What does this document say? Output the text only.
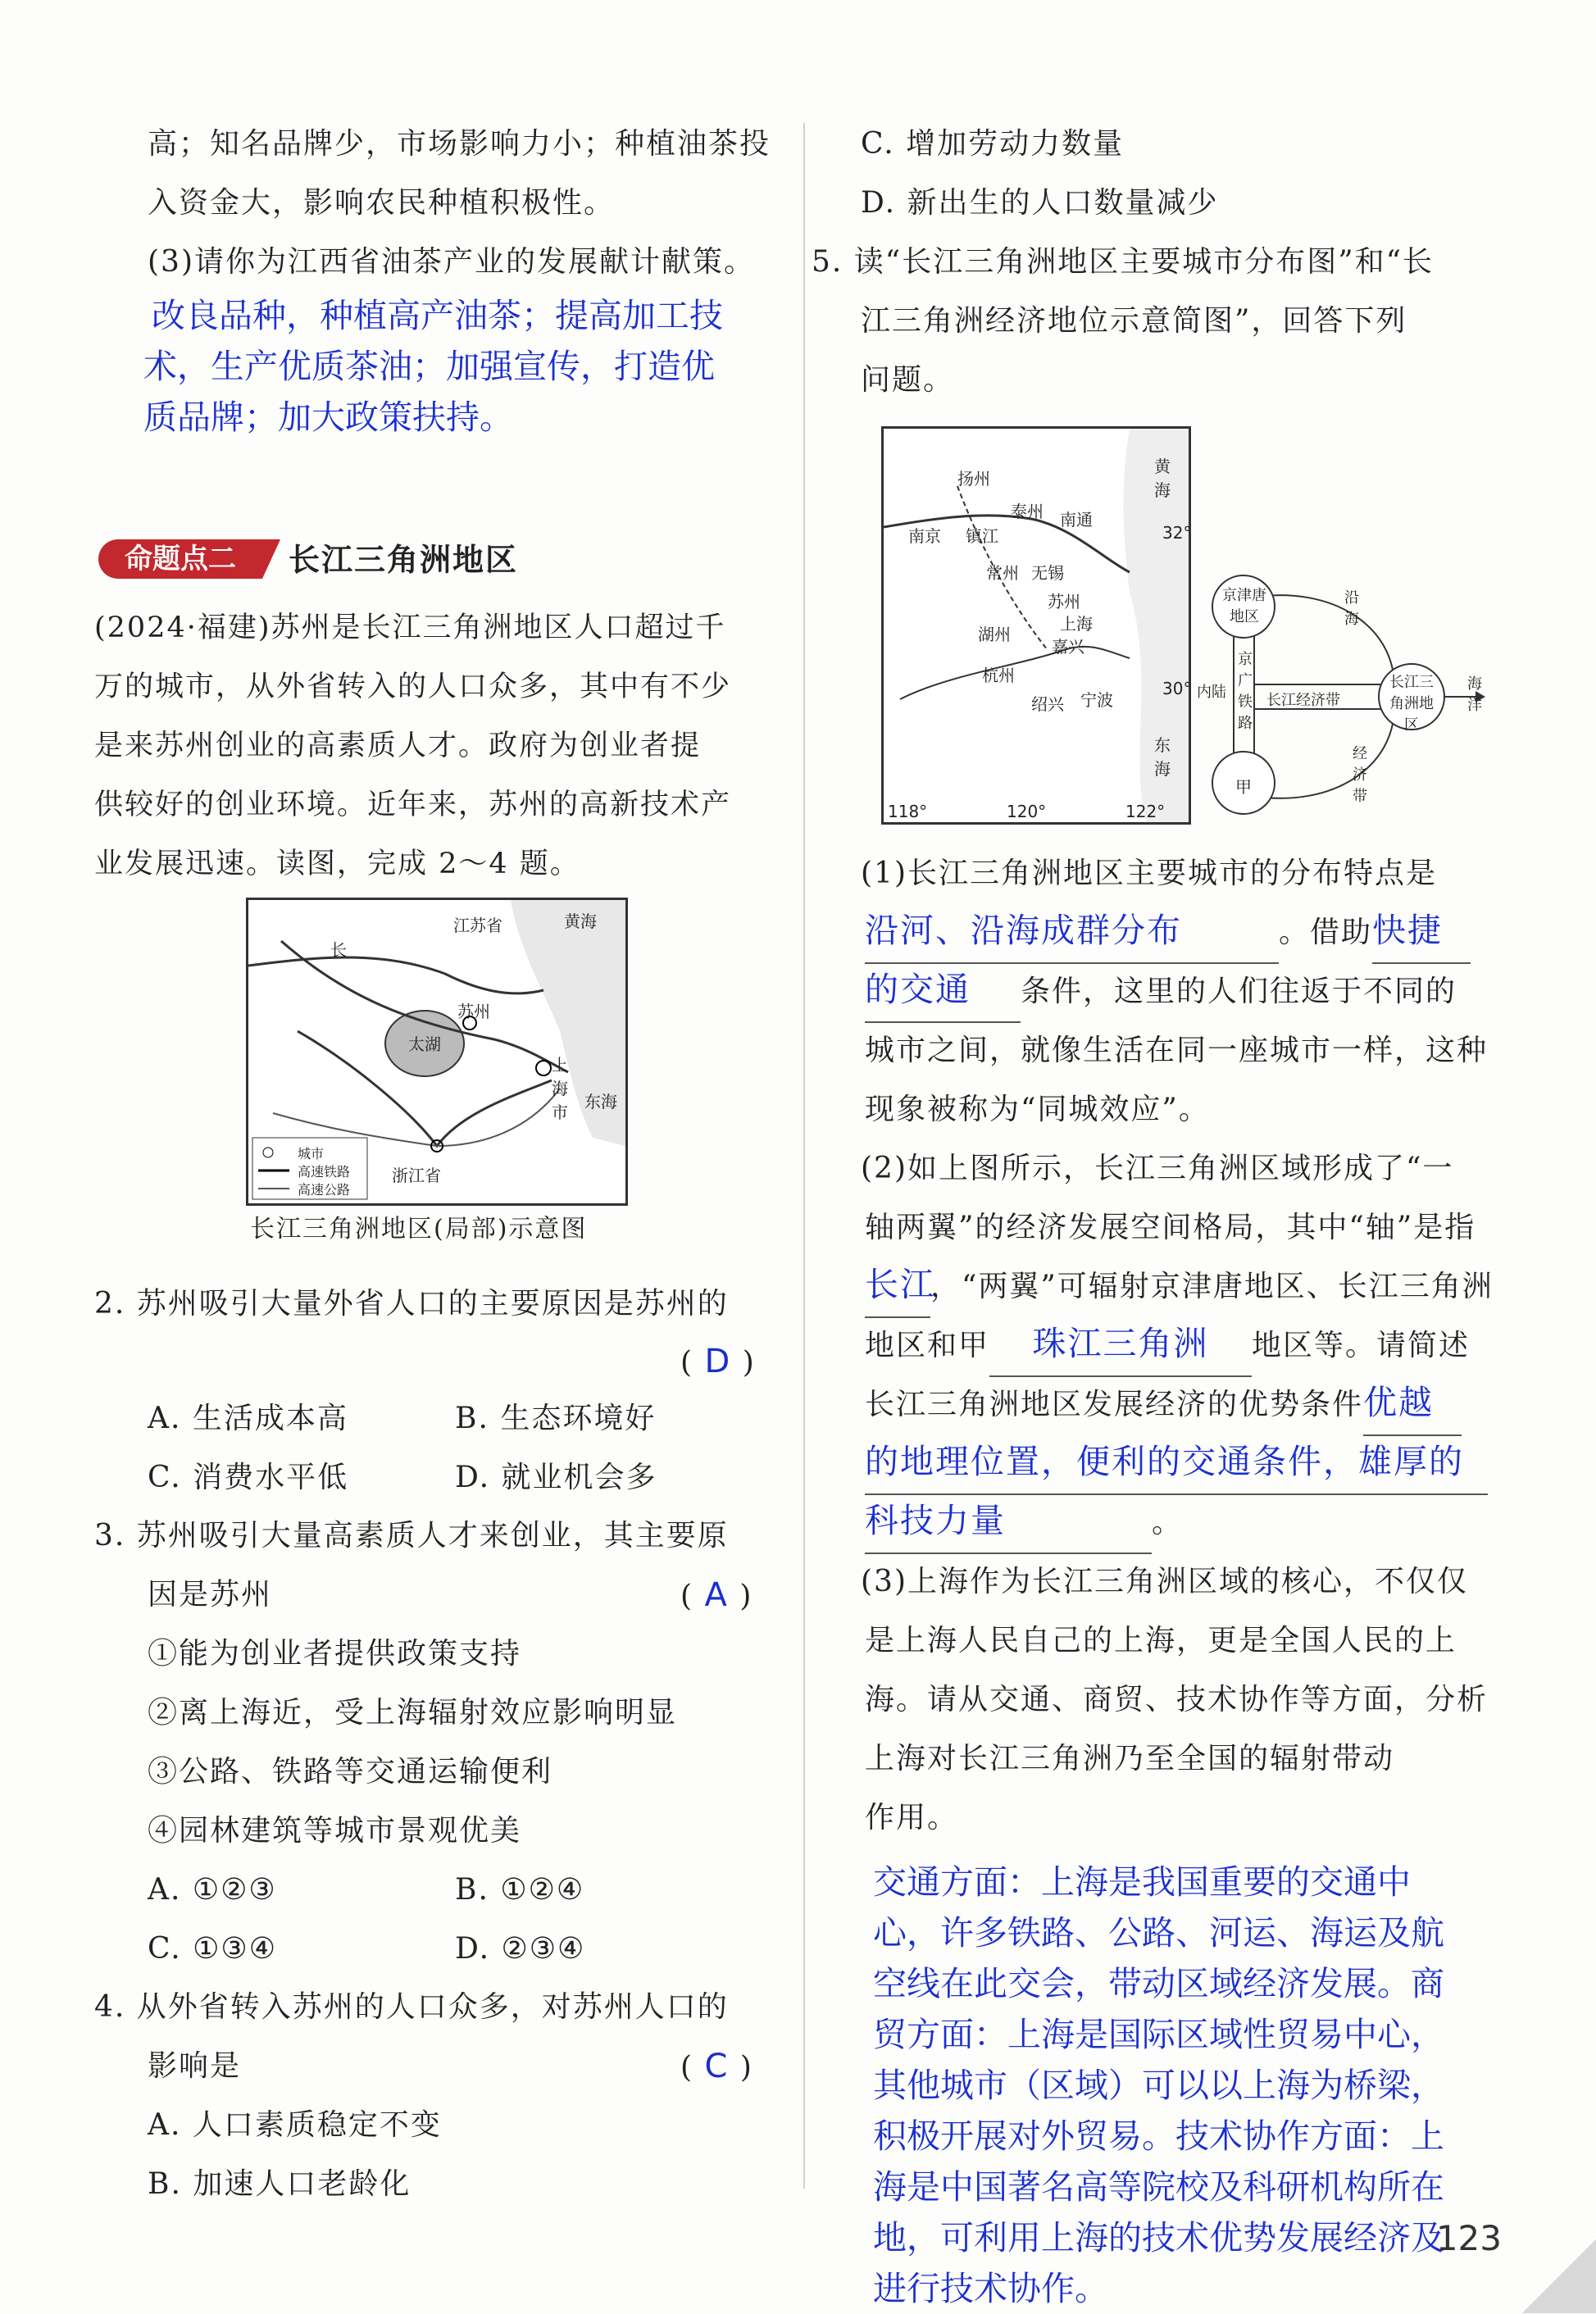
高；知名品牌少，市场影响力小；种植油茶投
入资金大，影响农民种植积极性。
(3)请你为江西省油茶产业的发展献计献策。
改良品种，种植高产油茶；提高加工技
术，生产优质茶油；加强宣传，打造优
质品牌；加大政策扶持。
命题点二	长江三角洲地区
(2024·福建)苏州是长江三角洲地区人口超过千
万的城市，从外省转入的人口众多，其中有不少
是来苏州创业的高素质人才。政府为创业者提
供较好的创业环境。近年来，苏州的高新技术产
业发展迅速。读图，完成 2～4 题。
江苏省	黄海
长
苏州
太湖
上海市
东海
浙江省
城市
高速铁路
高速公路
长江三角洲地区(局部)示意图
2. 苏州吸引大量外省人口的主要原因是苏州的
( D )
A. 生活成本高	B. 生态环境好
C. 消费水平低	D. 就业机会多
3. 苏州吸引大量高素质人才来创业，其主要原
因是苏州	( A )
①能为创业者提供政策支持
②离上海近，受上海辐射效应影响明显
③公路、铁路等交通运输便利
④园林建筑等城市景观优美
A. ①②③	B. ①②④
C. ①③④	D. ②③④
4. 从外省转入苏州的人口众多，对苏州人口的
影响是	( C )
A. 人口素质稳定不变
B. 加速人口老龄化
C. 增加劳动力数量
D. 新出生的人口数量减少
5. 读“长江三角洲地区主要城市分布图”和“长
江三角洲经济地位示意简图”，回答下列
问题。
扬州
泰州
南京 镇江
南通
常州 无锡
苏州
上海
湖州
嘉兴
杭州
绍兴 宁波
黄海
东海
32°
30°
118°	120°	122°
京津唐地区
长江三角洲地区
甲
长江经济带
京广铁路
内陆	海洋
沿海
经济带
(1)长江三角洲地区主要城市的分布特点是
沿河、沿海成群分布	。借助快捷
的交通 条件，这里的人们往返于不同的
城市之间，就像生活在同一座城市一样，这种
现象被称为“同城效应”。
(2)如上图所示，长江三角洲区域形成了“一
轴两翼”的经济发展空间格局，其中“轴”是指
长江，“两翼”可辐射京津唐地区、长江三角洲
地区和甲 珠江三角洲 地区等。请简述
长江三角洲地区发展经济的优势条件优越
的地理位置，便利的交通条件，雄厚的
科技力量	。
(3)上海作为长江三角洲区域的核心，不仅仅
是上海人民自己的上海，更是全国人民的上
海。请从交通、商贸、技术协作等方面，分析
上海对长江三角洲乃至全国的辐射带动
作用。
交通方面：上海是我国重要的交通中
心，许多铁路、公路、河运、海运及航
空线在此交会，带动区域经济发展。商
贸方面：上海是国际区域性贸易中心，
其他城市（区域）可以以上海为桥梁，
积极开展对外贸易。技术协作方面：上
海是中国著名高等院校及科研机构所在
地，可利用上海的技术优势发展经济及
进行技术协作。
123
